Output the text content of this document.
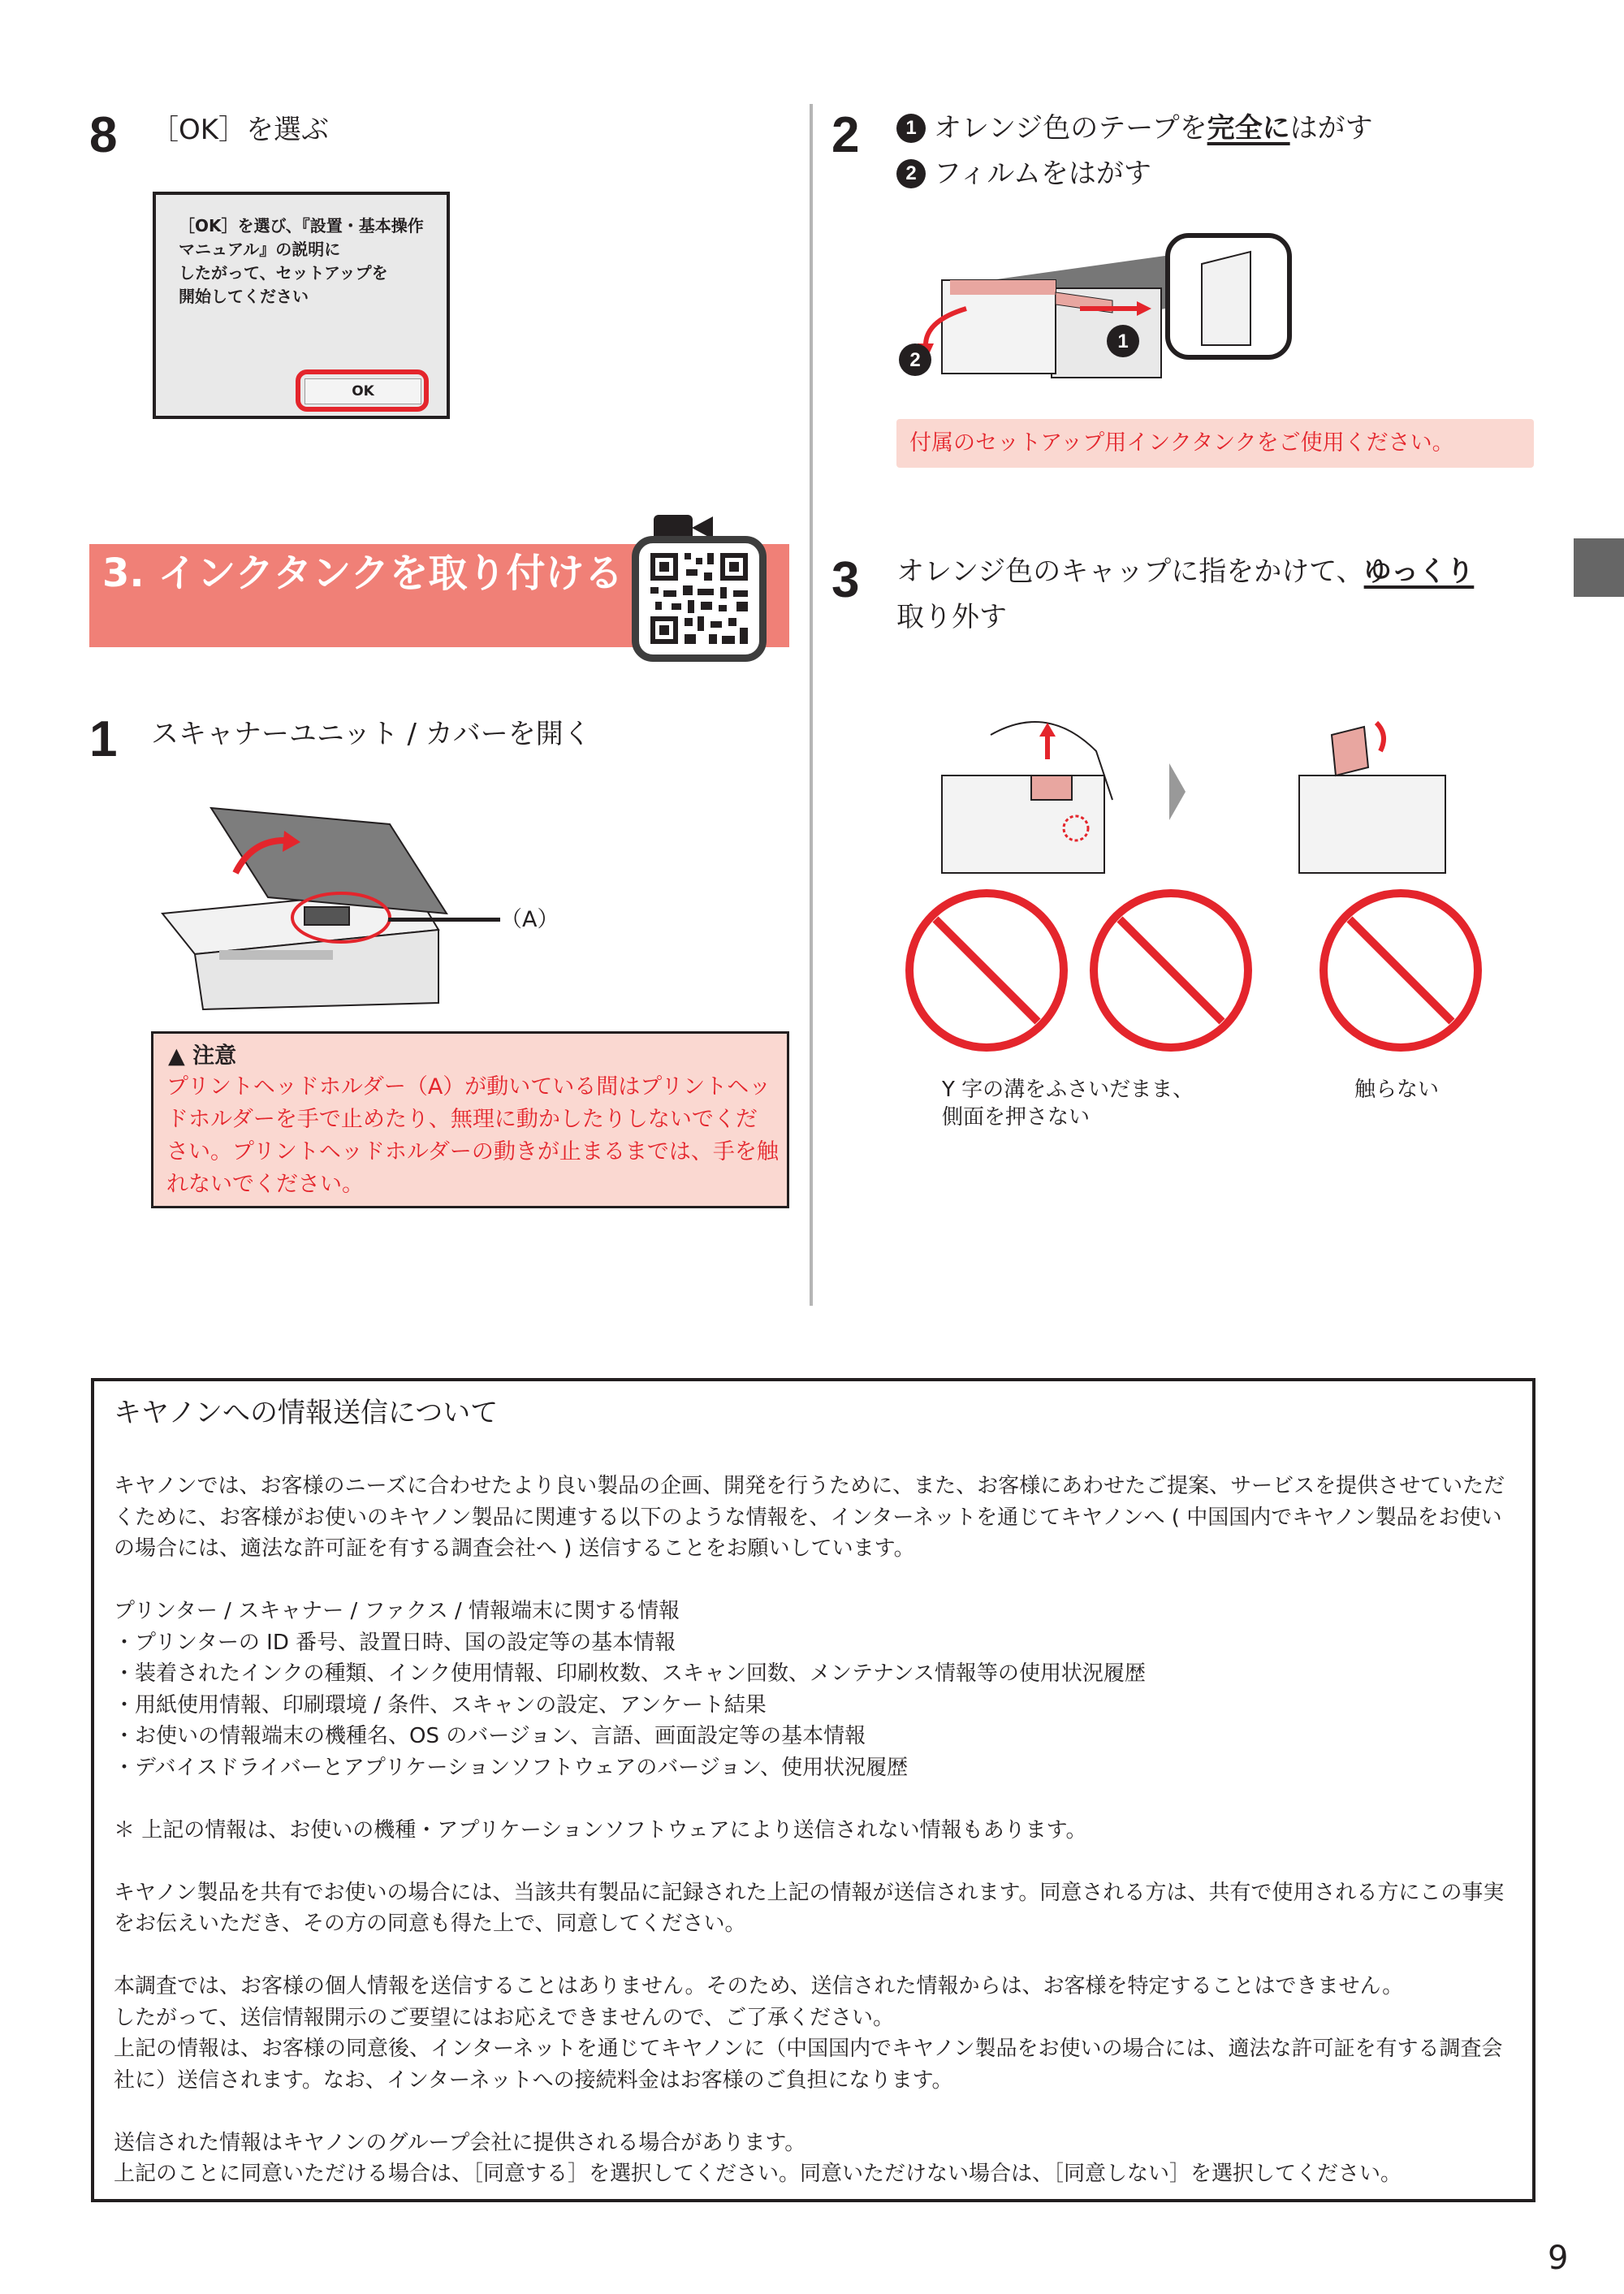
8 ［OK］を選ぶ
［OK］を選び、『設置・基本操作
マニュアル』の説明に
したがって、セットアップを
開始してください
OK
3. インクタンクを取り付ける
1 スキャナーユニット / カバーを開く
（A）
▲ 注意
プリントヘッドホルダー（A）が動いている間はプリントヘッドホルダーを手で止めたり、無理に動かしたりしないでください。プリントヘッドホルダーの動きが止まるまでは、手を触れないでください。
2	1 オレンジ色のテープを完全にはがす
2 フィルムをはがす
1
2
付属のセットアップ用インクタンクをご使用ください。
3 オレンジ色のキャップに指をかけて、ゆっくり
取り外す
Y 字の溝をふさいだまま、
側面を押さない
触らない
キヤノンへの情報送信について

キヤノンでは、お客様のニーズに合わせたより良い製品の企画、開発を行うために、また、お客様にあわせたご提案、サービスを提供させていただくために、お客様がお使いのキヤノン製品に関連する以下のような情報を、インターネットを通じてキヤノンへ ( 中国国内でキヤノン製品をお使いの場合には、適法な許可証を有する調査会社へ ) 送信することをお願いしています。

プリンター / スキャナー / ファクス / 情報端末に関する情報

・プリンターの ID 番号、設置日時、国の設定等の基本情報

・装着されたインクの種類、インク使用情報、印刷枚数、スキャン回数、メンテナンス情報等の使用状況履歴

・用紙使用情報、印刷環境 / 条件、スキャンの設定、アンケート結果

・お使いの情報端末の機種名、OS のバージョン、言語、画面設定等の基本情報

・デバイスドライバーとアプリケーションソフトウェアのバージョン、使用状況履歴

＊ 上記の情報は、お使いの機種・アプリケーションソフトウェアにより送信されない情報もあります。

キヤノン製品を共有でお使いの場合には、当該共有製品に記録された上記の情報が送信されます。同意される方は、共有で使用される方にこの事実をお伝えいただき、その方の同意も得た上で、同意してください。

本調査では、お客様の個人情報を送信することはありません。そのため、送信された情報からは、お客様を特定することはできません。

したがって、送信情報開示のご要望にはお応えできませんので、ご了承ください。

上記の情報は、お客様の同意後、インターネットを通じてキヤノンに（中国国内でキヤノン製品をお使いの場合には、適法な許可証を有する調査会社に）送信されます。なお、インターネットへの接続料金はお客様のご負担になります。

送信された情報はキヤノンのグループ会社に提供される場合があります。

上記のことに同意いただける場合は、［同意する］を選択してください。同意いただけない場合は、［同意しない］を選択してください。

9
